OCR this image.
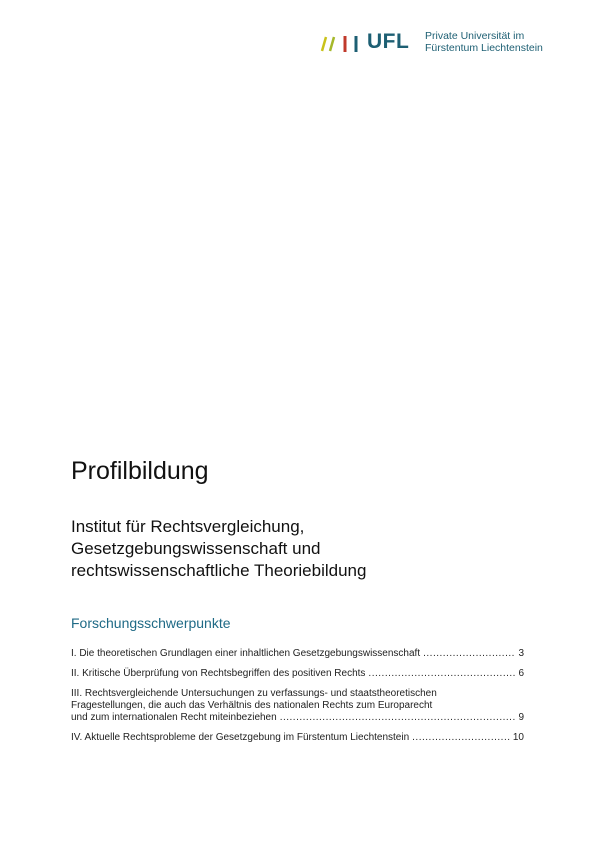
UFL Private Universität im
Fürstentum Liechtenstein
Profilbildung
Institut für Rechtsvergleichung,
Gesetzgebungswissenschaft und
rechtswissenschaftliche Theoriebildung
Forschungsschwerpunkte
I. Die theoretischen Grundlagen einer inhaltlichen Gesetzgebungswissenschaft .....	3
II. Kritische Überprüfung von Rechtsbegriffen des positiven Rechts .....	6
III. Rechtsvergleichende Untersuchungen zu verfassungs- und staatstheoretischen
Fragestellungen, die auch das Verhältnis des nationalen Rechts zum Europarecht
und zum internationalen Recht miteinbeziehen .....	9
IV. Aktuelle Rechtsprobleme der Gesetzgebung im Fürstentum Liechtenstein .....	10
